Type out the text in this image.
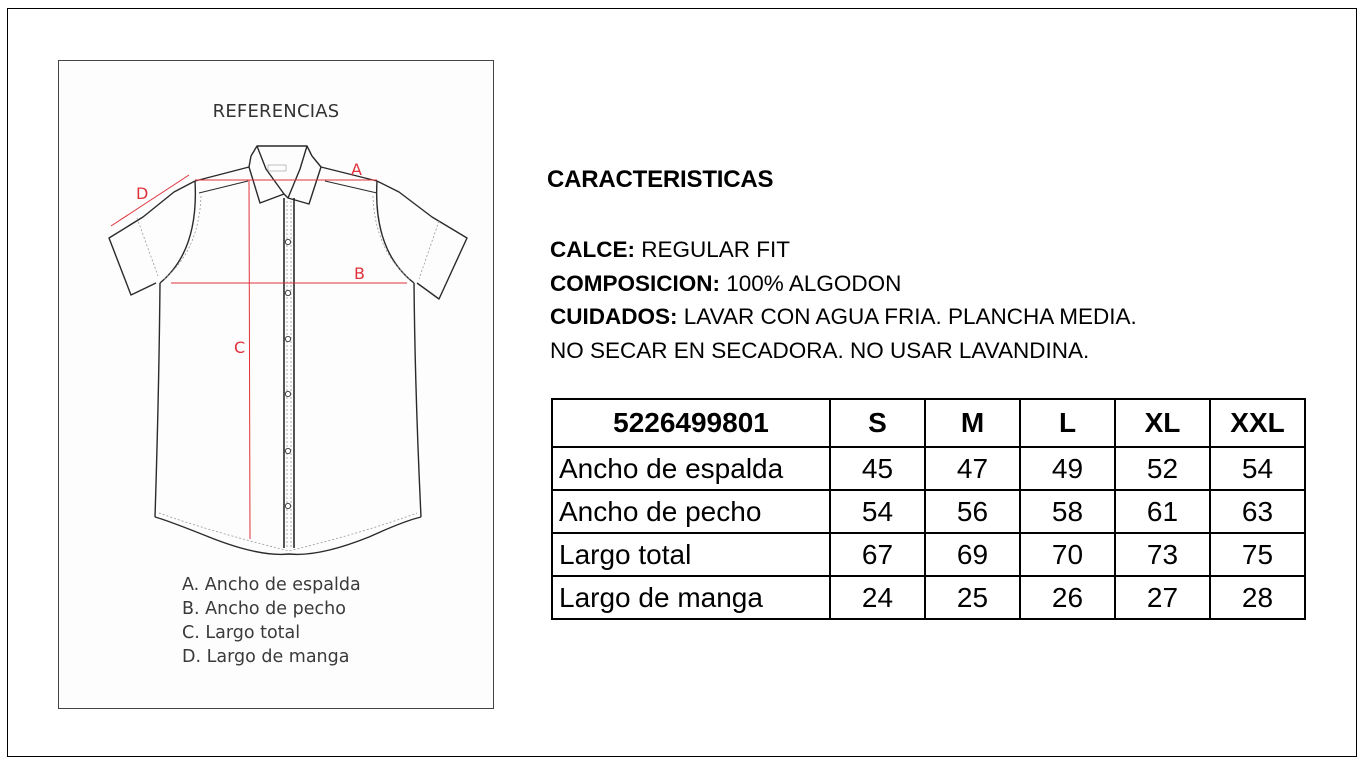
REFERENCIAS
A
B
C
D
A. Ancho de espalda
B. Ancho de pecho
C. Largo total
D. Largo de manga
CARACTERISTICAS
CALCE: REGULAR FIT
COMPOSICION: 100% ALGODON
CUIDADOS: LAVAR CON AGUA FRIA. PLANCHA MEDIA.
NO SECAR EN SECADORA. NO USAR LAVANDINA.
5226499801	S	M	L	XL	XXL
Ancho de espalda	45	47	49	52	54
Ancho de pecho	54	56	58	61	63
Largo total	67	69	70	73	75
Largo de manga	24	25	26	27	28
